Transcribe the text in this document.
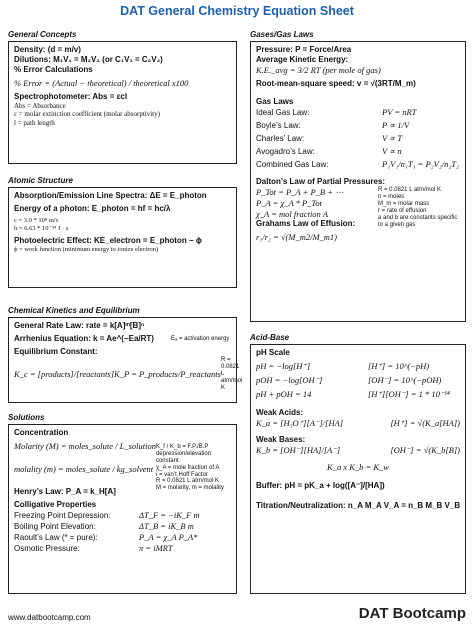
DAT General Chemistry Equation Sheet
General Concepts
Density: (d = m/v)
Dilutions: M₁V₁ = M₂V₂ (or C₁V₁ = C₂V₂)
% Error Calculations
% Error = (Actual − theoretical) / theoretical x100
Spectrophotometer: Abs = εcl
Abs = Absorbance
ε = molar extinction coefficient (molar absorptivity)
l = path length
Atomic Structure
Absorption/Emission Line Spectra: ΔE = E_photon
Energy of a photon: E_photon = hf = hc/λ
c = 3.0 * 10⁸ m/s
h = 6.63 * 10⁻³⁴ J · s
Photoelectric Effect: KE_electron = E_photon − ϕ
ϕ = work function (minimum energy to ionize electron)
Chemical Kinetics and Equilibrium
General Rate Law: rate = k[A]ᵐ[B]ⁿ
Arrhenius Equation: k = Ae^(−Ea/RT)	Eₐ = activation energy
Equilibrium Constant:
K_c = [products]/[reactants] K_P = P_products/P_reactants
R = 0.0821 L atm/mol K
Solutions
Concentration
Molarity (M) = moles_solute / L_solution
molality (m) = moles_solute / kg_solvent
Henry’s Law: P_A = k_H[A]
K_f / K_b = F.P./B.P depression/elevation constant
χ_A = mole fraction of A
i = van’t Hoff Factor
R = 0.0821 L atm/mol K
M = molarity, m = molality
Colligative Properties
Freezing Point Depression:	ΔT_F = −iK_F m
Boiling Point Elevation:	ΔT_B = iK_B m
Raoult’s Law (* = pure):	P_A = χ_A P_A*
Osmotic Pressure:	π = iMRT
Gases/Gas Laws
Pressure: P = Force/Area
Average Kinetic Energy:
K.E._avg = 3/2 RT (per mole of gas)
Root-mean-square speed: v = √(3RT/M_m)
Gas Laws
Ideal Gas Law:	PV = nRT
Boyle’s Law:	P ∝ 1/V
Charles’ Law:	V ∝ T
Avogadro’s Law:	V ∝ n
Combined Gas Law:	P₁V₁/n₁T₁ = P₂V₂/n₂T₂
Dalton’s Law of Partial Pressures:
P_Tot = P_A + P_B + ⋯
P_A = χ_A * P_Tot
χ_A = mol fraction A
R = 0.0821 L atm/mol K
n = moles
M_m = molar mass
r = rate of effusion
a and b are constants specific to a given gas
Grahams Law of Effusion:
r₁/r₂ = √(M_m2/M_m1)
Acid-Base
pH Scale
pH = −log[H⁺]	[H⁺] = 10^(−pH)
pOH = −log[OH⁻]	[OH⁻] = 10^(−pOH)
pH + pOH = 14	[H⁺][OH⁻] = 1 * 10⁻¹⁴
Weak Acids:
K_a = [H₃O⁺][A⁻]/[HA]	[H⁺] = √(K_a[HA])
Weak Bases:
K_b = [OH⁻][HA]/[A⁻]	[OH⁻] = √(K_b[B])
K_a x K_b = K_w
Buffer: pH = pK_a + log([A⁻]/[HA])
Titration/Neutralization: n_A M_A V_A = n_B M_B V_B
www.datbootcamp.com	DAT Bootcamp
